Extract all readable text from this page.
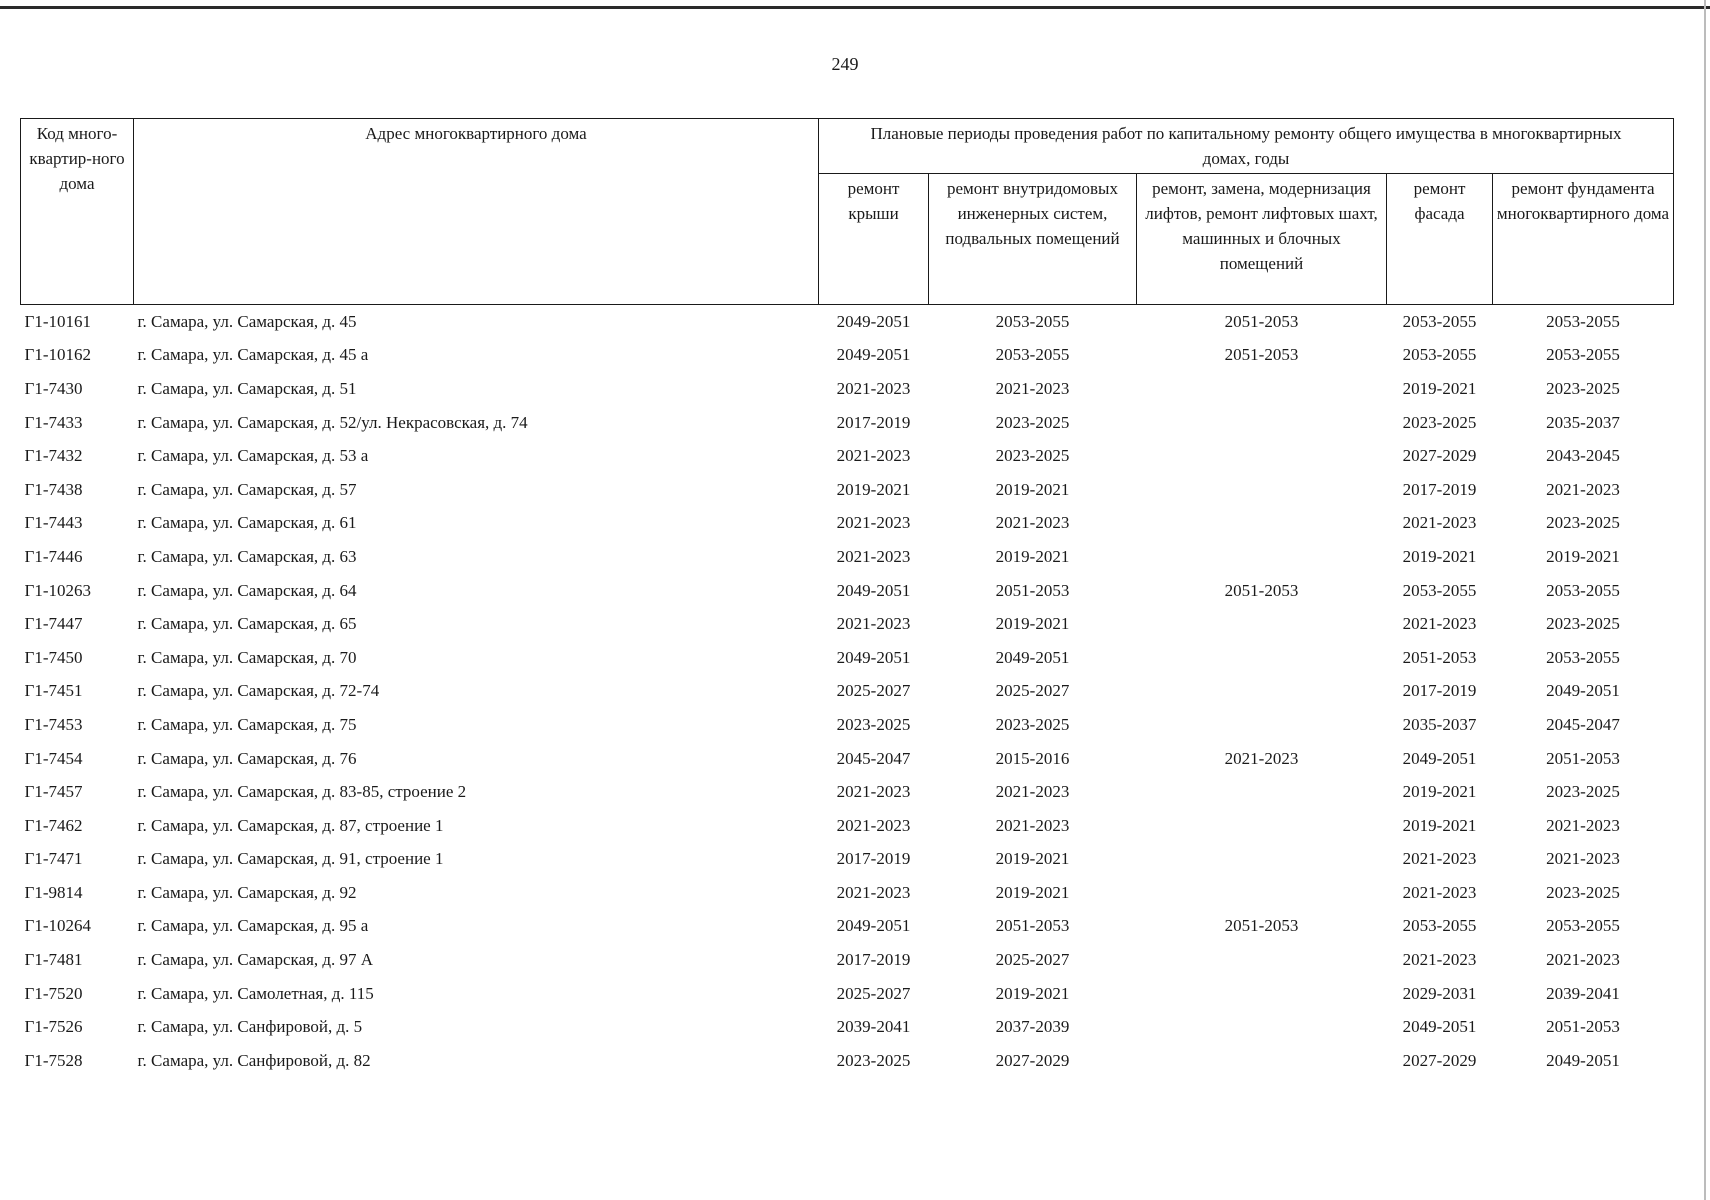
249
Код много-квартир-ного дома	Адрес многоквартирного дома	Плановые периоды проведения работ по капитальному ремонту общего имущества в многоквартирных домах, годы				
		ремонт крыши	ремонт внутридомовых инженерных систем, подвальных помещений	ремонт, замена, модернизация лифтов, ремонт лифтовых шахт, машинных и блочных помещений	ремонт фасада	ремонт фундамента многоквартирного дома
Г1-10161	г. Самара, ул. Самарская, д. 45	2049-2051	2053-2055	2051-2053	2053-2055	2053-2055
Г1-10162	г. Самара, ул. Самарская, д. 45 а	2049-2051	2053-2055	2051-2053	2053-2055	2053-2055
Г1-7430	г. Самара, ул. Самарская, д. 51	2021-2023	2021-2023		2019-2021	2023-2025
Г1-7433	г. Самара, ул. Самарская, д. 52/ул. Некрасовская, д. 74	2017-2019	2023-2025		2023-2025	2035-2037
Г1-7432	г. Самара, ул. Самарская, д. 53 а	2021-2023	2023-2025		2027-2029	2043-2045
Г1-7438	г. Самара, ул. Самарская, д. 57	2019-2021	2019-2021		2017-2019	2021-2023
Г1-7443	г. Самара, ул. Самарская, д. 61	2021-2023	2021-2023		2021-2023	2023-2025
Г1-7446	г. Самара, ул. Самарская, д. 63	2021-2023	2019-2021		2019-2021	2019-2021
Г1-10263	г. Самара, ул. Самарская, д. 64	2049-2051	2051-2053	2051-2053	2053-2055	2053-2055
Г1-7447	г. Самара, ул. Самарская, д. 65	2021-2023	2019-2021		2021-2023	2023-2025
Г1-7450	г. Самара, ул. Самарская, д. 70	2049-2051	2049-2051		2051-2053	2053-2055
Г1-7451	г. Самара, ул. Самарская, д. 72-74	2025-2027	2025-2027		2017-2019	2049-2051
Г1-7453	г. Самара, ул. Самарская, д. 75	2023-2025	2023-2025		2035-2037	2045-2047
Г1-7454	г. Самара, ул. Самарская, д. 76	2045-2047	2015-2016	2021-2023	2049-2051	2051-2053
Г1-7457	г. Самара, ул. Самарская, д. 83-85, строение 2	2021-2023	2021-2023		2019-2021	2023-2025
Г1-7462	г. Самара, ул. Самарская, д. 87, строение 1	2021-2023	2021-2023		2019-2021	2021-2023
Г1-7471	г. Самара, ул. Самарская, д. 91, строение 1	2017-2019	2019-2021		2021-2023	2021-2023
Г1-9814	г. Самара, ул. Самарская, д. 92	2021-2023	2019-2021		2021-2023	2023-2025
Г1-10264	г. Самара, ул. Самарская, д. 95 а	2049-2051	2051-2053	2051-2053	2053-2055	2053-2055
Г1-7481	г. Самара, ул. Самарская, д. 97 А	2017-2019	2025-2027		2021-2023	2021-2023
Г1-7520	г. Самара, ул. Самолетная, д. 115	2025-2027	2019-2021		2029-2031	2039-2041
Г1-7526	г. Самара, ул. Санфировой, д. 5	2039-2041	2037-2039		2049-2051	2051-2053
Г1-7528	г. Самара, ул. Санфировой, д. 82	2023-2025	2027-2029		2027-2029	2049-2051
